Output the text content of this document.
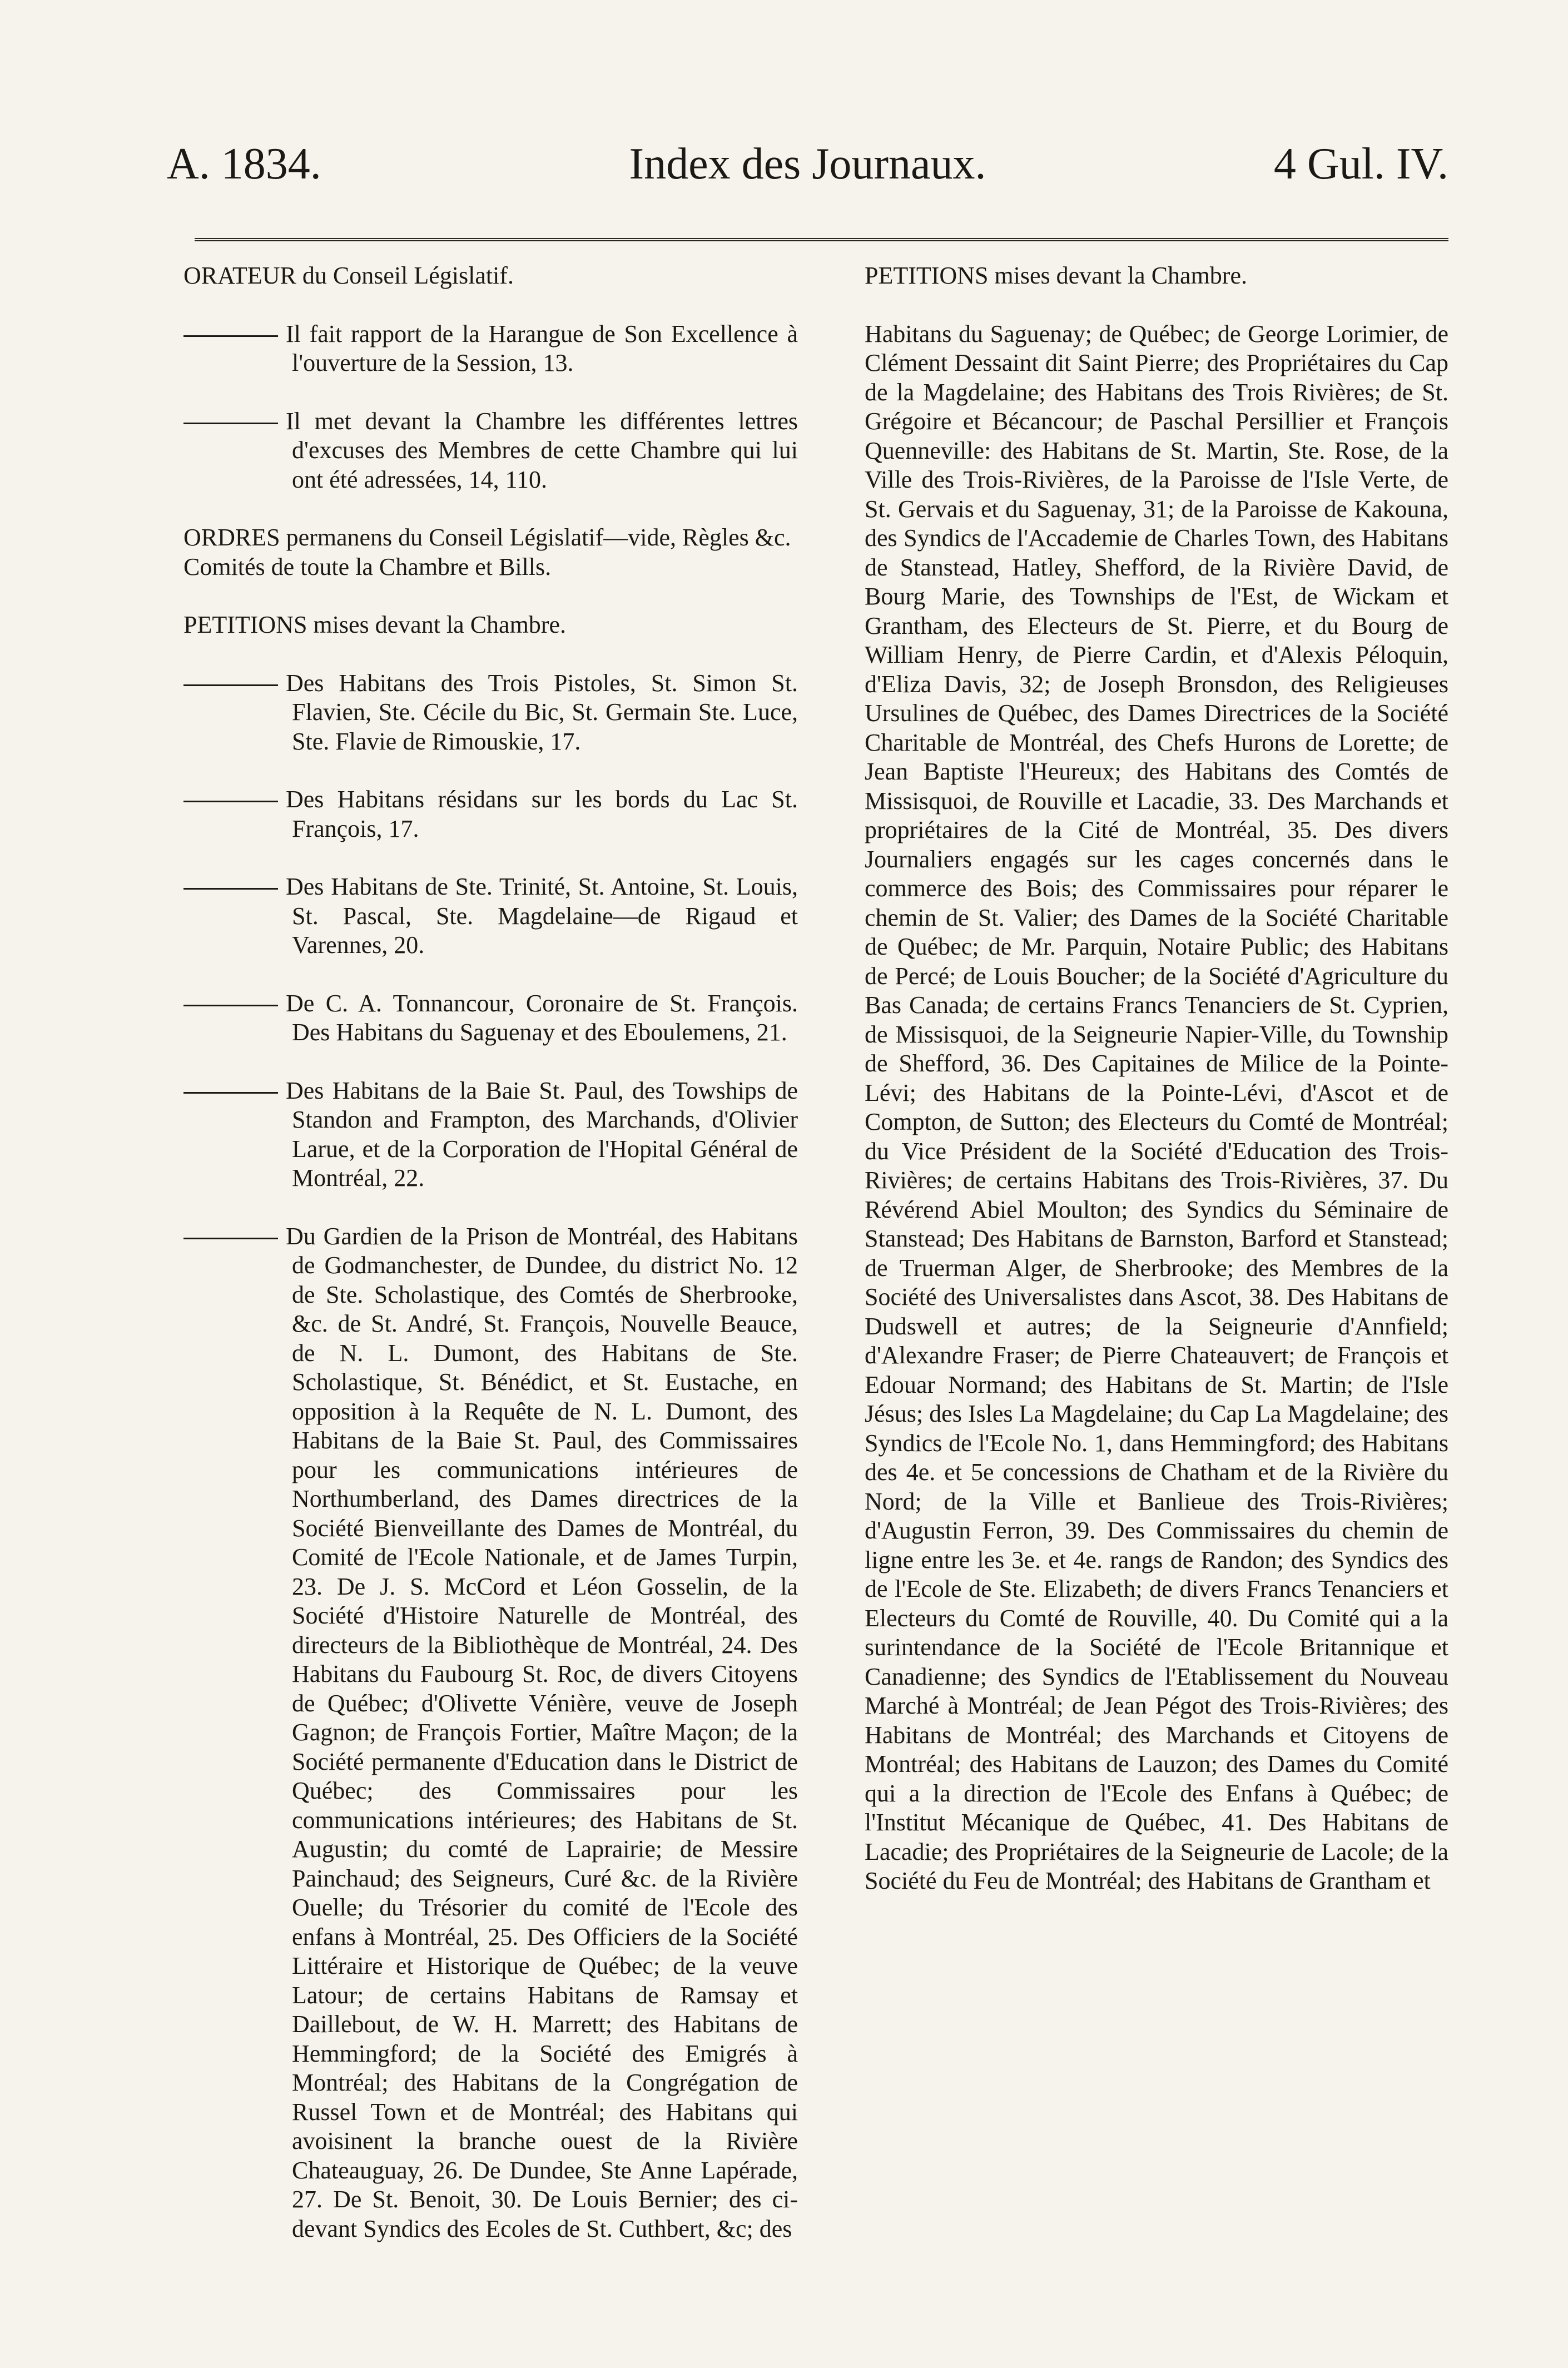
A. 1834.	Index des Journaux.	4 Gul. IV.

ORATEUR du Conseil Législatif.

Il fait rapport de la Harangue de Son Excellence à l'ouverture de la Session, 13.

Il met devant la Chambre les différentes lettres d'excuses des Membres de cette Chambre qui lui ont été adressées, 14, 110.

ORDRES permanens du Conseil Législatif—vide, Règles &c. Comités de toute la Chambre et Bills.

PETITIONS mises devant la Chambre.

Des Habitans des Trois Pistoles, St. Simon St. Flavien, Ste. Cécile du Bic, St. Germain Ste. Luce, Ste. Flavie de Rimouskie, 17.

Des Habitans résidans sur les bords du Lac St. François, 17.

Des Habitans de Ste. Trinité, St. Antoine, St. Louis, St. Pascal, Ste. Magdelaine—de Rigaud et Varennes, 20.

De C. A. Tonnancour, Coronaire de St. François. Des Habitans du Saguenay et des Eboulemens, 21.

Des Habitans de la Baie St. Paul, des Towships de Standon and Frampton, des Marchands, d'Olivier Larue, et de la Corporation de l'Hopital Général de Montréal, 22.

Du Gardien de la Prison de Montréal, des Habitans de Godmanchester, de Dundee, du district No. 12 de Ste. Scholastique, des Comtés de Sherbrooke, &c. de St. André, St. François, Nouvelle Beauce, de N. L. Dumont, des Habitans de Ste. Scholastique, St. Bénédict, et St. Eustache, en opposition à la Requête de N. L. Dumont, des Habitans de la Baie St. Paul, des Commissaires pour les communications intérieures de Northumberland, des Dames directrices de la Société Bienveillante des Dames de Montréal, du Comité de l'Ecole Nationale, et de James Turpin, 23. De J. S. McCord et Léon Gosselin, de la Société d'Histoire Naturelle de Montréal, des directeurs de la Bibliothèque de Montréal, 24. Des Habitans du Faubourg St. Roc, de divers Citoyens de Québec; d'Olivette Vénière, veuve de Joseph Gagnon; de François Fortier, Maître Maçon; de la Société permanente d'Education dans le District de Québec; des Commissaires pour les communications intérieures; des Habitans de St. Augustin; du comté de Laprairie; de Messire Painchaud; des Seigneurs, Curé &c. de la Rivière Ouelle; du Trésorier du comité de l'Ecole des enfans à Montréal, 25. Des Officiers de la Société Littéraire et Historique de Québec; de la veuve Latour; de certains Habitans de Ramsay et Daillebout, de W. H. Marrett; des Habitans de Hemmingford; de la Société des Emigrés à Montréal; des Habitans de la Congrégation de Russel Town et de Montréal; des Habitans qui avoisinent la branche ouest de la Rivière Chateauguay, 26. De Dundee, Ste Anne Lapérade, 27. De St. Benoit, 30. De Louis Bernier; des ci-devant Syndics des Ecoles de St. Cuthbert, &c; des

PETITIONS mises devant la Chambre.

Habitans du Saguenay; de Québec; de George Lorimier, de Clément Dessaint dit Saint Pierre; des Propriétaires du Cap de la Magdelaine; des Habitans des Trois Rivières; de St. Grégoire et Bécancour; de Paschal Persillier et François Quenneville: des Habitans de St. Martin, Ste. Rose, de la Ville des Trois-Rivières, de la Paroisse de l'Isle Verte, de St. Gervais et du Saguenay, 31; de la Paroisse de Kakouna, des Syndics de l'Accademie de Charles Town, des Habitans de Stanstead, Hatley, Shefford, de la Rivière David, de Bourg Marie, des Townships de l'Est, de Wickam et Grantham, des Electeurs de St. Pierre, et du Bourg de William Henry, de Pierre Cardin, et d'Alexis Péloquin, d'Eliza Davis, 32; de Joseph Bronsdon, des Religieuses Ursulines de Québec, des Dames Directrices de la Société Charitable de Montréal, des Chefs Hurons de Lorette; de Jean Baptiste l'Heureux; des Habitans des Comtés de Missisquoi, de Rouville et Lacadie, 33. Des Marchands et propriétaires de la Cité de Montréal, 35. Des divers Journaliers engagés sur les cages concernés dans le commerce des Bois; des Commissaires pour réparer le chemin de St. Valier; des Dames de la Société Charitable de Québec; de Mr. Parquin, Notaire Public; des Habitans de Percé; de Louis Boucher; de la Société d'Agriculture du Bas Canada; de certains Francs Tenanciers de St. Cyprien, de Missisquoi, de la Seigneurie Napier-Ville, du Township de Shefford, 36. Des Capitaines de Milice de la Pointe-Lévi; des Habitans de la Pointe-Lévi, d'Ascot et de Compton, de Sutton; des Electeurs du Comté de Montréal; du Vice Président de la Société d'Education des Trois-Rivières; de certains Habitans des Trois-Rivières, 37. Du Révérend Abiel Moulton; des Syndics du Séminaire de Stanstead; Des Habitans de Barnston, Barford et Stanstead; de Truerman Alger, de Sherbrooke; des Membres de la Société des Universalistes dans Ascot, 38. Des Habitans de Dudswell et autres; de la Seigneurie d'Annfield; d'Alexandre Fraser; de Pierre Chateauvert; de François et Edouar Normand; des Habitans de St. Martin; de l'Isle Jésus; des Isles La Magdelaine; du Cap La Magdelaine; des Syndics de l'Ecole No. 1, dans Hemmingford; des Habitans des 4e. et 5e concessions de Chatham et de la Rivière du Nord; de la Ville et Banlieue des Trois-Rivières; d'Augustin Ferron, 39. Des Commissaires du chemin de ligne entre les 3e. et 4e. rangs de Randon; des Syndics des de l'Ecole de Ste. Elizabeth; de divers Francs Tenanciers et Electeurs du Comté de Rouville, 40. Du Comité qui a la surintendance de la Société de l'Ecole Britannique et Canadienne; des Syndics de l'Etablissement du Nouveau Marché à Montréal; de Jean Pégot des Trois-Rivières; des Habitans de Montréal; des Marchands et Citoyens de Montréal; des Habitans de Lauzon; des Dames du Comité qui a la direction de l'Ecole des Enfans à Québec; de l'Institut Mécanique de Québec, 41. Des Habitans de Lacadie; des Propriétaires de la Seigneurie de Lacole; de la Société du Feu de Montréal; des Habitans de Grantham et
